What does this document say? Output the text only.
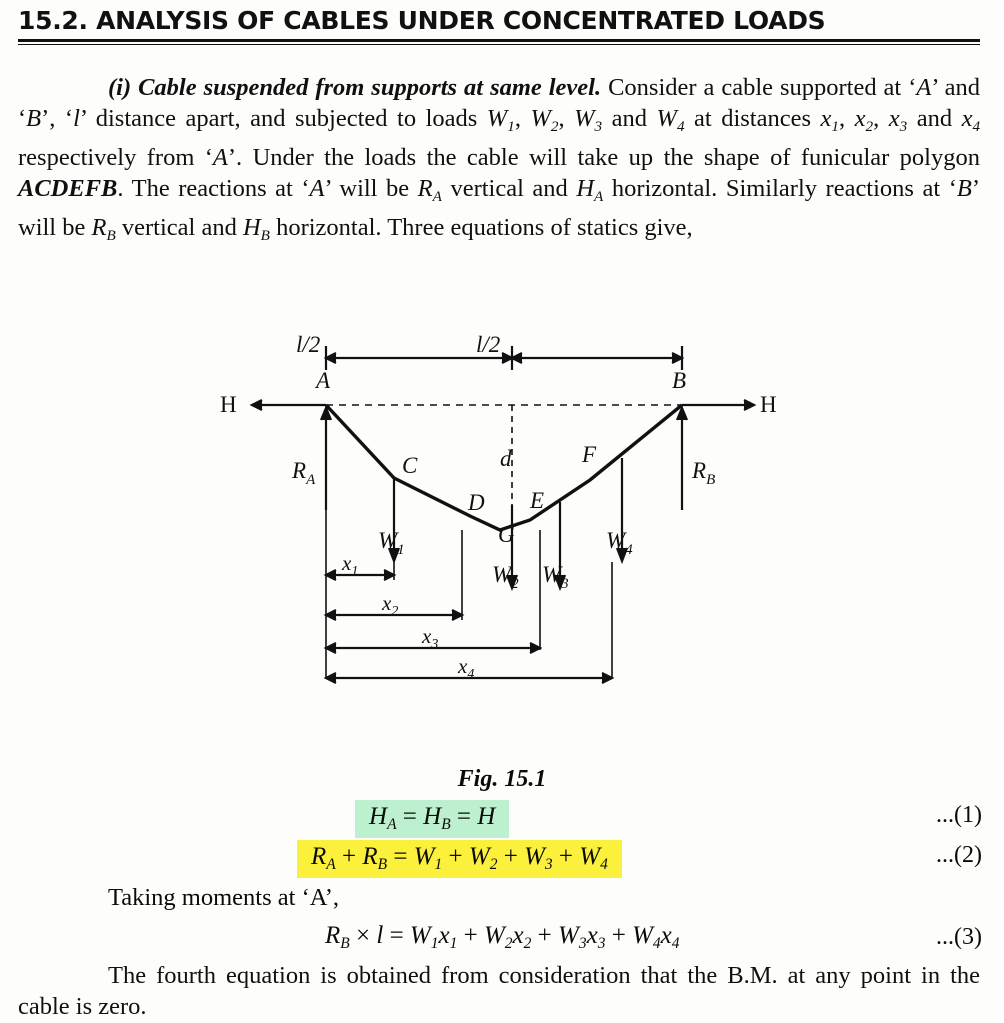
15.2. ANALYSIS OF CABLES UNDER CONCENTRATED LOADS
(i) Cable suspended from supports at same level. Consider a cable supported at ‘A’ and ‘B’, ‘l’ distance apart, and subjected to loads $W_1$, $W_2$, $W_3$ and $W_4$ at distances $x_1$, $x_2$, $x_3$ and $x_4$ respectively from ‘A’. Under the loads the cable will take up the shape of funicular polygon ACDEFB. The reactions at ‘A’ will be $R_A$ vertical and $H_A$ horizontal. Similarly reactions at ‘B’ will be $R_B$ vertical and $H_B$ horizontal. Three equations of statics give,
l/2	l/2
H	H
A	B
C
D E
F
G
d
$R_A$	$R_B$
$W_1$
$W_2$ $W_3$
$W_4$
$x_1$
$x_2$
$x_3$
$x_4$
Fig. 15.1
$H_A = H_B = H$	...(1)
$R_A + R_B = W_1 + W_2 + W_3 + W_4$	...(2)
Taking moments at ‘A’,
$R_B \times l = W_1x_1 + W_2x_2 + W_3x_3 + W_4x_4$	...(3)
The fourth equation is obtained from consideration that the B.M. at any point in the cable is zero.
